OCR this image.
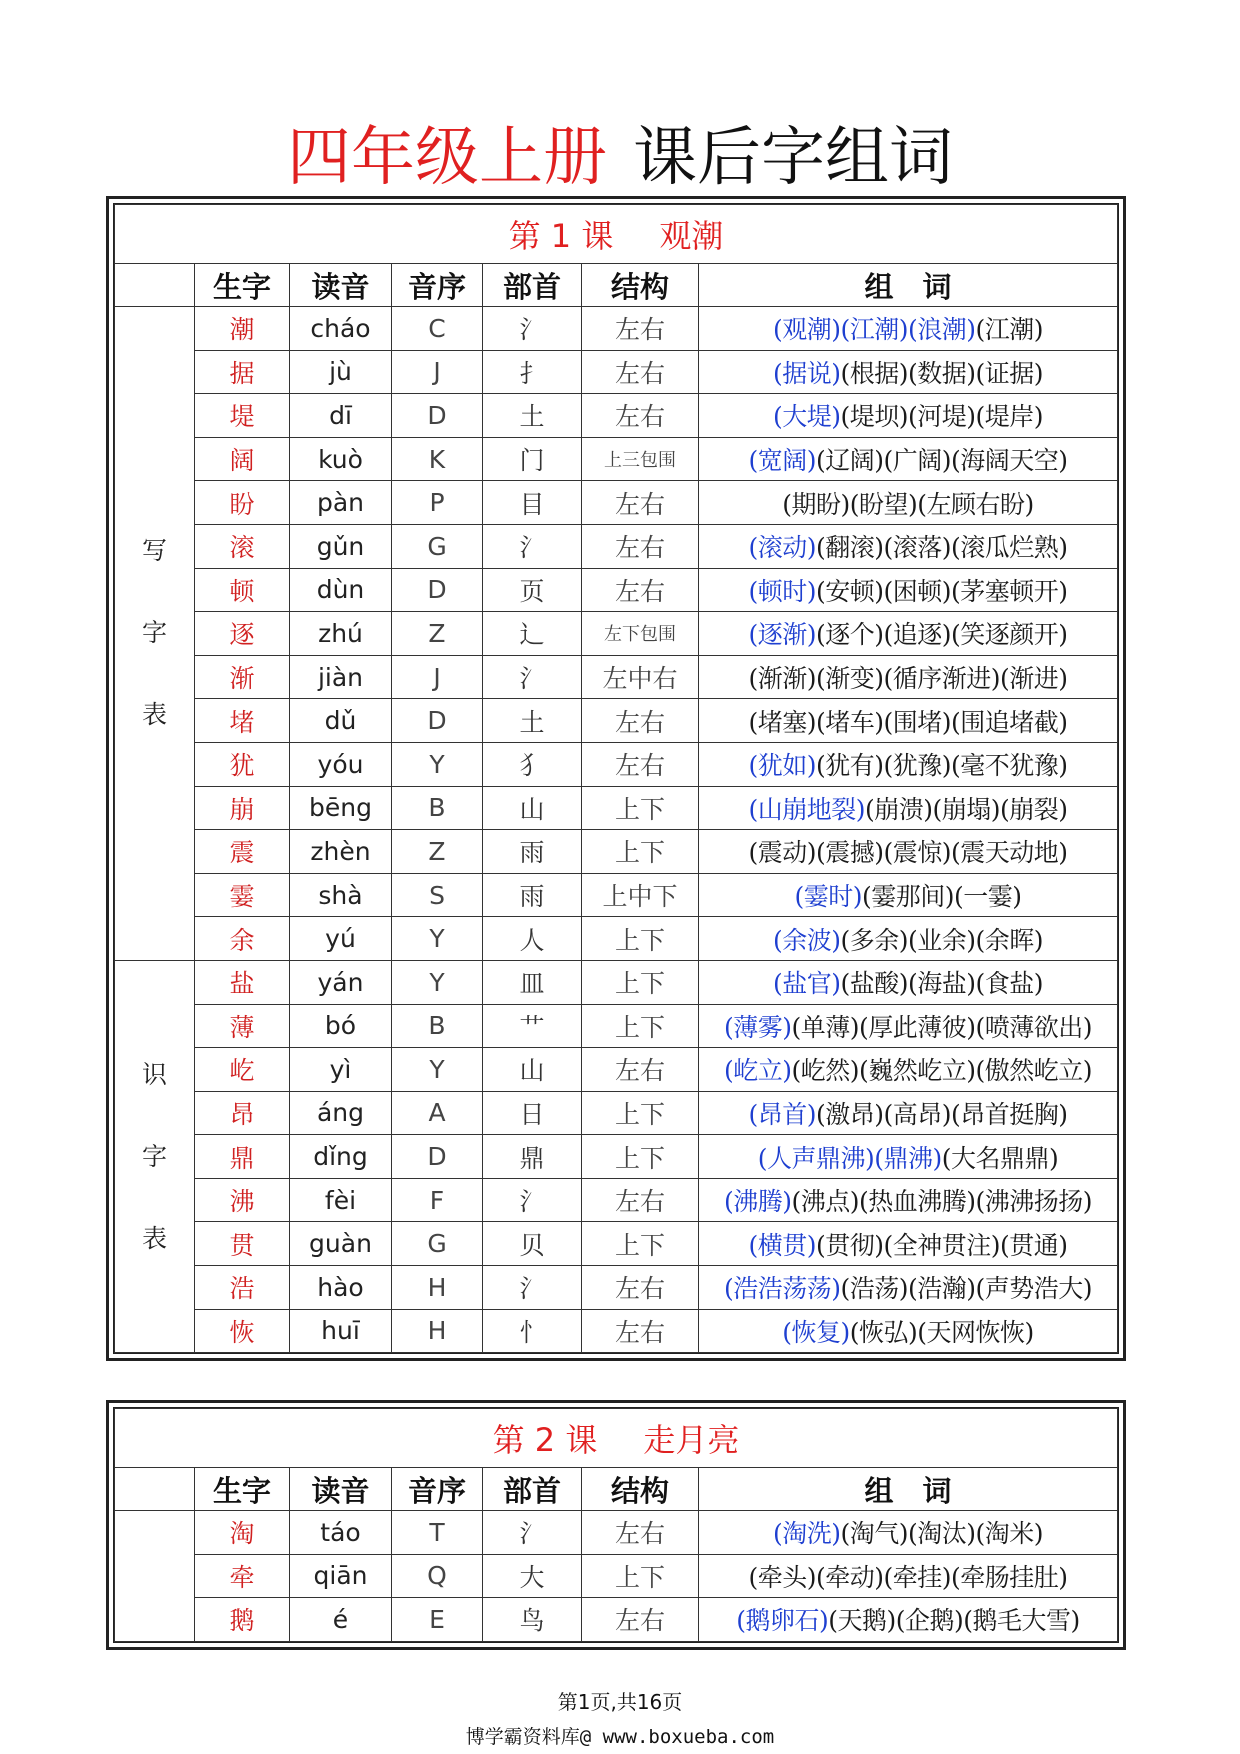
四年级上册 课后字组词
第 1 课 观潮						
	生字	读音	音序	部首	结构	组　词

写
字
表	潮	cháo	C	氵	左右	(观潮)(江潮)(浪潮)(江潮)
	据	jù	J	扌	左右	(据说)(根据)(数据)(证据)
	堤	dī	D	土	左右	(大堤)(堤坝)(河堤)(堤岸)
	阔	kuò	K	门	上三包围	(宽阔)(辽阔)(广阔)(海阔天空)
	盼	pàn	P	目	左右	(期盼)(盼望)(左顾右盼)
	滚	gǔn	G	氵	左右	(滚动)(翻滚)(滚落)(滚瓜烂熟)
	顿	dùn	D	页	左右	(顿时)(安顿)(困顿)(茅塞顿开)
	逐	zhú	Z	辶	左下包围	(逐渐)(逐个)(追逐)(笑逐颜开)
	渐	jiàn	J	氵	左中右	(渐渐)(渐变)(循序渐进)(渐进)
	堵	dǔ	D	土	左右	(堵塞)(堵车)(围堵)(围追堵截)
	犹	yóu	Y	犭	左右	(犹如)(犹有)(犹豫)(毫不犹豫)
	崩	bēng	B	山	上下	(山崩地裂)(崩溃)(崩塌)(崩裂)
	震	zhèn	Z	雨	上下	(震动)(震撼)(震惊)(震天动地)
	霎	shà	S	雨	上中下	(霎时)(霎那间)(一霎)
	余	yú	Y	人	上下	(余波)(多余)(业余)(余晖)

识
字
表	盐	yán	Y	皿	上下	(盐官)(盐酸)(海盐)(食盐)
	薄	bó	B	艹	上下	(薄雾)(单薄)(厚此薄彼)(喷薄欲出)
	屹	yì	Y	山	左右	(屹立)(屹然)(巍然屹立)(傲然屹立)
	昂	áng	A	日	上下	(昂首)(激昂)(高昂)(昂首挺胸)
	鼎	dǐng	D	鼎	上下	(人声鼎沸)(鼎沸)(大名鼎鼎)
	沸	fèi	F	氵	左右	(沸腾)(沸点)(热血沸腾)(沸沸扬扬)
	贯	guàn	G	贝	上下	(横贯)(贯彻)(全神贯注)(贯通)
	浩	hào	H	氵	左右	(浩浩荡荡)(浩荡)(浩瀚)(声势浩大)
	恢	huī	H	忄	左右	(恢复)(恢弘)(天网恢恢)
第 2 课 走月亮						
	生字	读音	音序	部首	结构	组　词
	淘	táo	T	氵	左右	(淘洗)(淘气)(淘汰)(淘米)
	牵	qiān	Q	大	上下	(牵头)(牵动)(牵挂)(牵肠挂肚)
	鹅	é	E	鸟	左右	(鹅卵石)(天鹅)(企鹅)(鹅毛大雪)
第1页,共16页
博学霸资料库@ www.boxueba.com
